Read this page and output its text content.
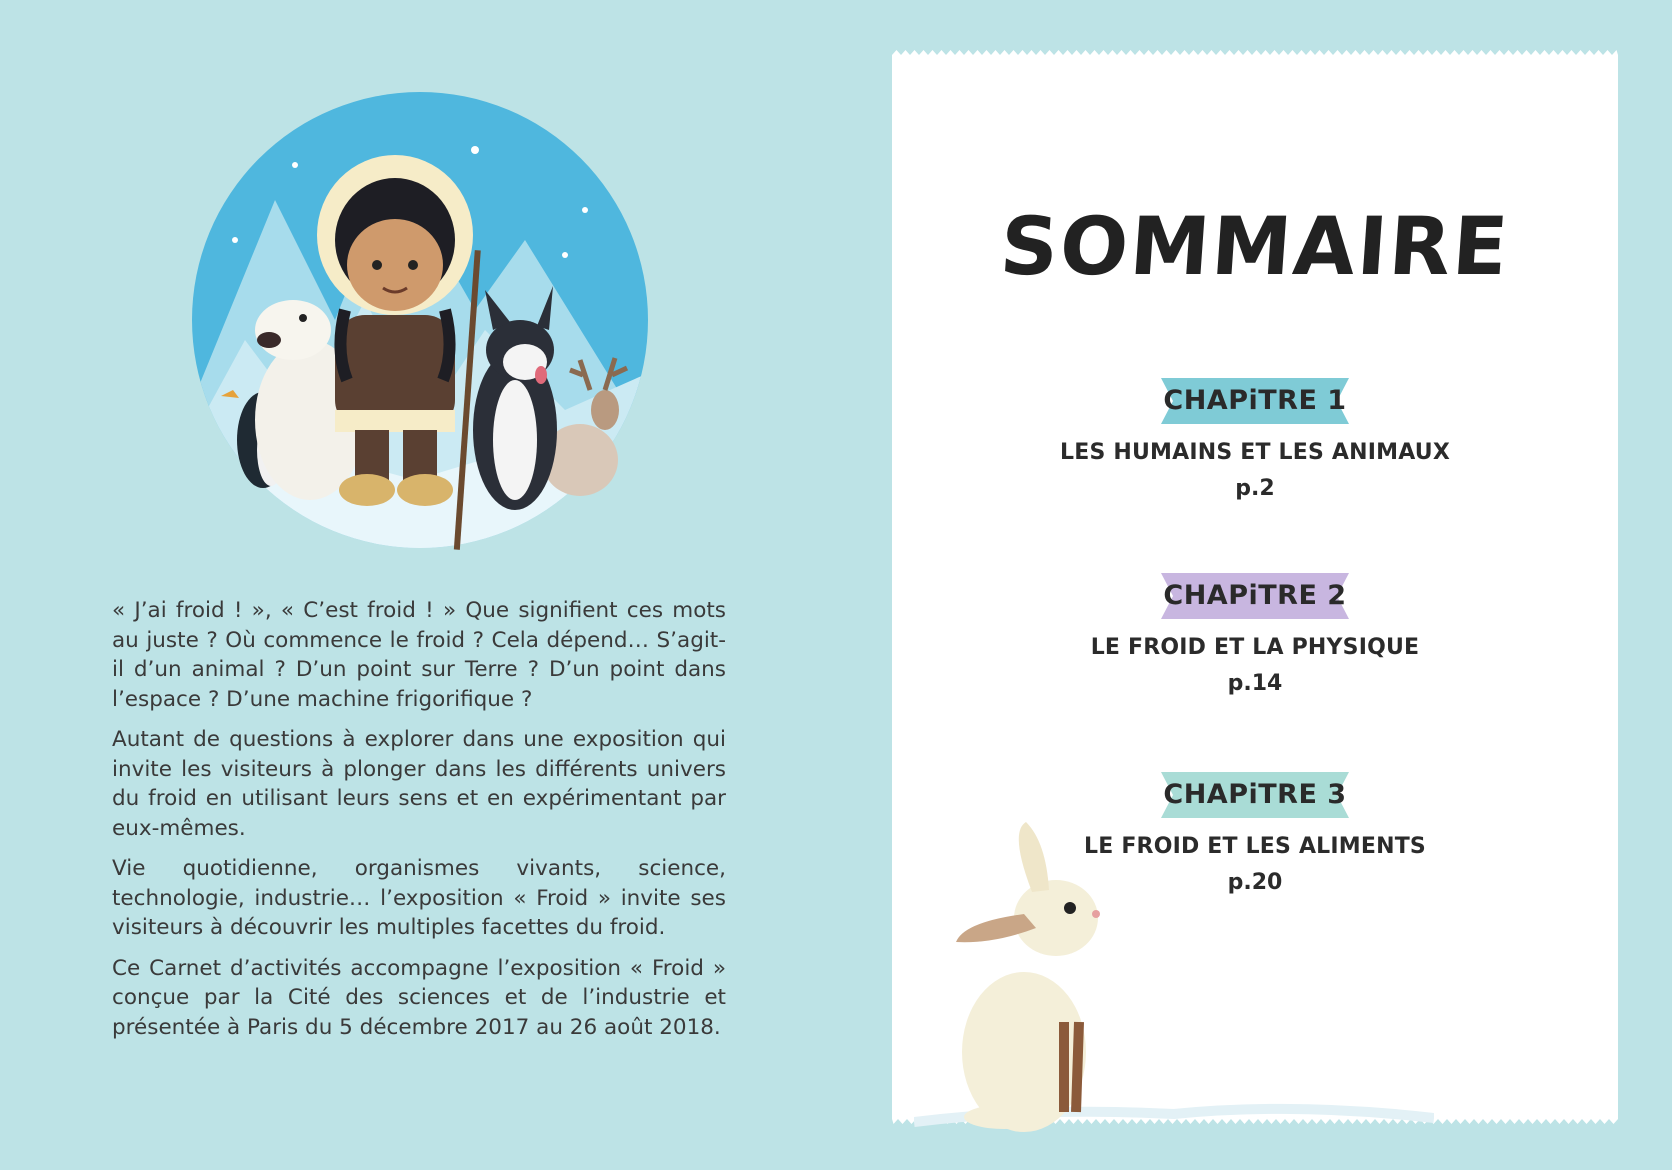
« J’ai froid ! », « C’est froid ! » Que signifient ces mots au juste ? Où commence le froid ? Cela dépend… S’agit-il d’un animal ? D’un point sur Terre ? D’un point dans l’espace ? D’une machine frigorifique ?

Autant de questions à explorer dans une exposition qui invite les visiteurs à plonger dans les différents univers du froid en utilisant leurs sens et en expérimentant par eux-mêmes.

Vie quotidienne, organismes vivants, science, technologie, industrie… l’exposition « Froid » invite ses visiteurs à découvrir les multiples facettes du froid.

Ce Carnet d’activités accompagne l’exposition « Froid » conçue par la Cité des sciences et de l’industrie et présentée à Paris du 5 décembre 2017 au 26 août 2018.

SOMMAIRE
CHAPiTRE 1
LES HUMAINS ET LES ANIMAUX
p.2
CHAPiTRE 2
LE FROID ET LA PHYSIQUE
p.14
CHAPiTRE 3
LE FROID ET LES ALIMENTS
p.20
